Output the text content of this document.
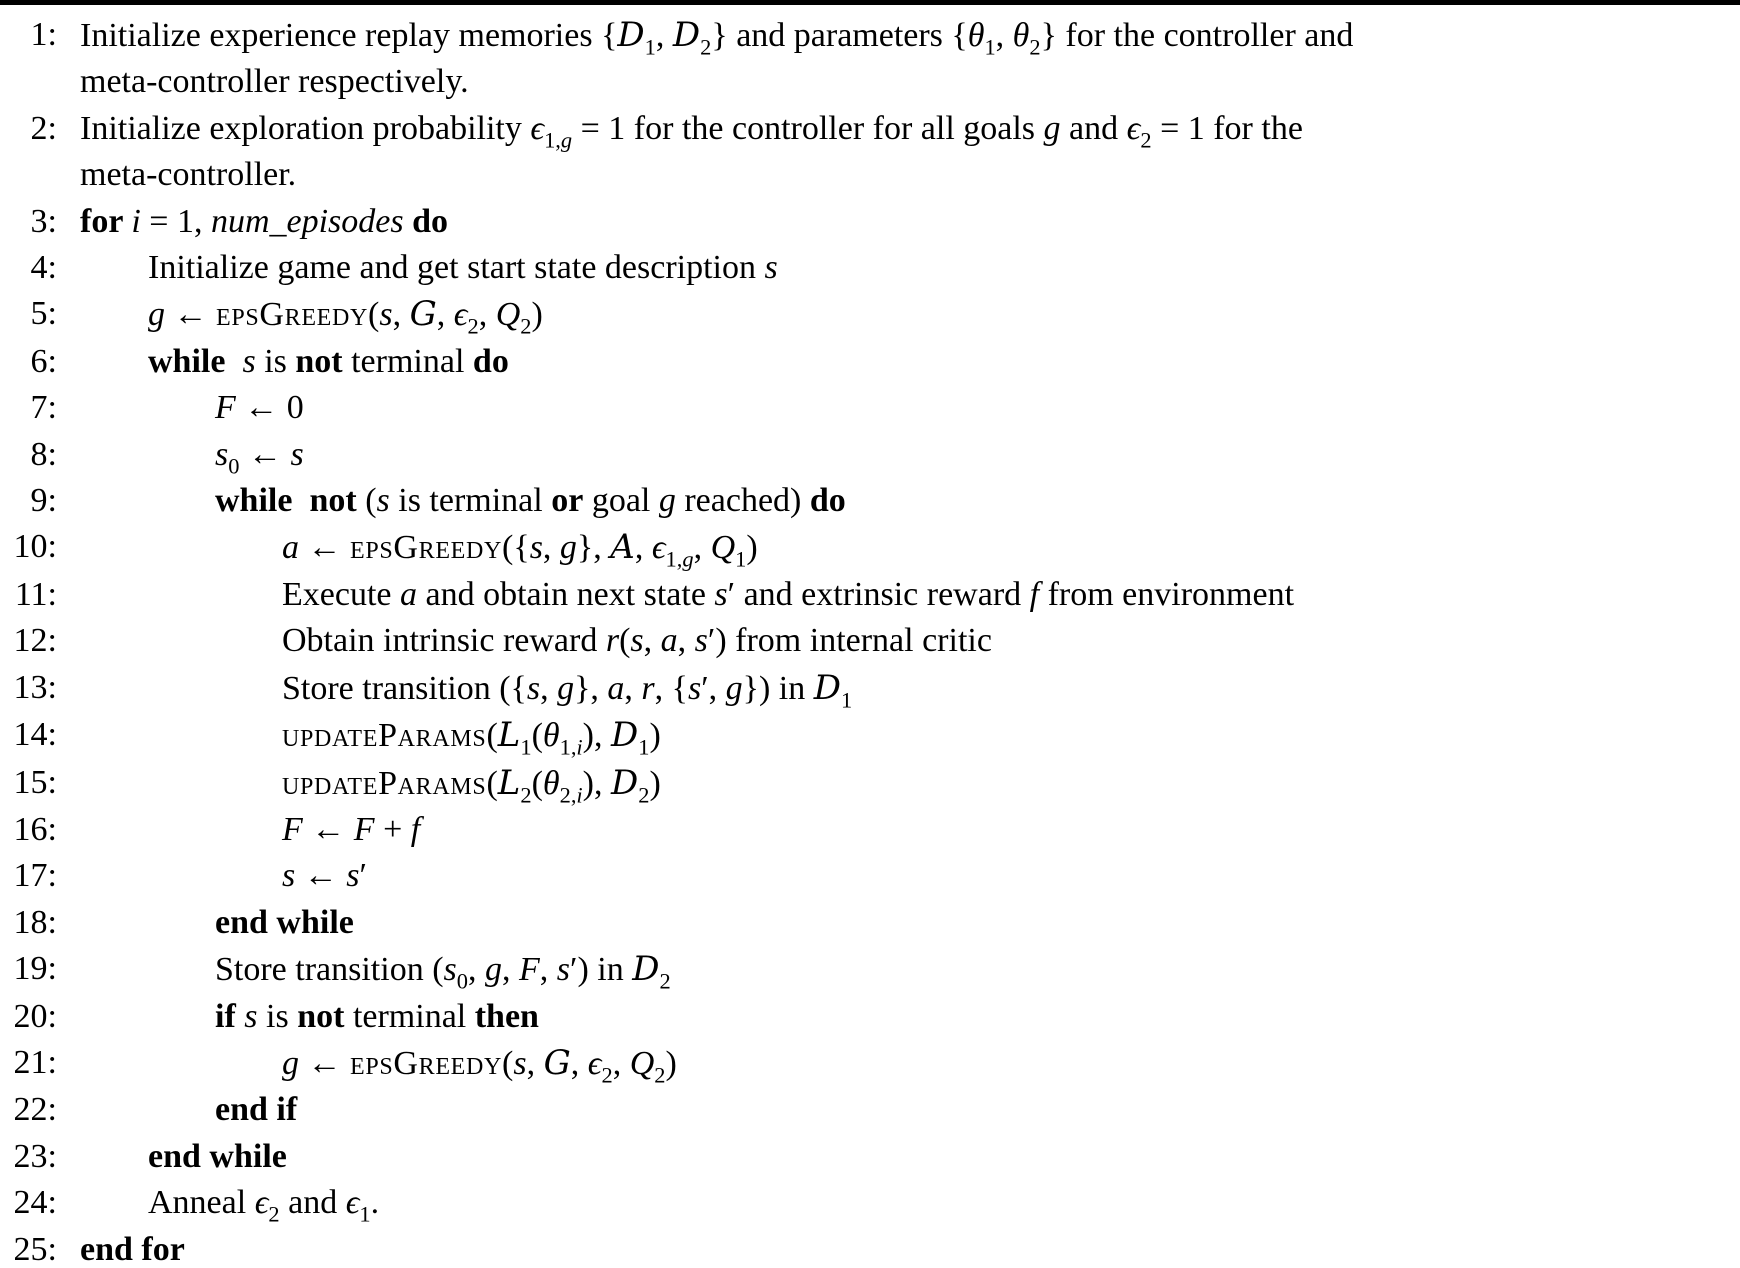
1: Initialize experience replay memories {$D_1$, $D_2$} and parameters {$\theta_1$, $\theta_2$} for the controller and
meta-controller respectively.
2: Initialize exploration probability $\epsilon_{1,g} = 1$ for the controller for all goals g and $\epsilon_2 = 1$ for the
meta-controller.
3: for i = 1, num_episodes do
4:	Initialize game and get start state description s
5:	g ← epsGreedy(s, G, $\epsilon_2$, $Q_2$)
6:	while s is not terminal do
7:	F ← 0
8:	$s_0$ ← s
9:	while  not (s is terminal or goal g reached) do
10:	a ← epsGreedy({s, g}, A, $\epsilon_{1,g}$, $Q_1$)
11:	Execute a and obtain next state s′ and extrinsic reward f from environment
12:	Obtain intrinsic reward r(s, a, s′) from internal critic
13:	Store transition ({s, g}, a, r, {s′, g}) in $D_1$
14:	$updateParams(L_1(\theta_{1,i})$, $D_1$)
15:	$updateParams(L_2(\theta_{2,i})$, $D_2$)
16:	F ← F + f
17:	s ← s′
18:	end while
19:	Store transition ($s_0$, g, F, s′) in $D_2$
20:	if s is not terminal then
21:	g ← epsGreedy(s, G, $\epsilon_2$, $Q_2$)
22:	end if
23:	end while
24:	Anneal $\epsilon_2$ and $\epsilon_1$.
25: end for
